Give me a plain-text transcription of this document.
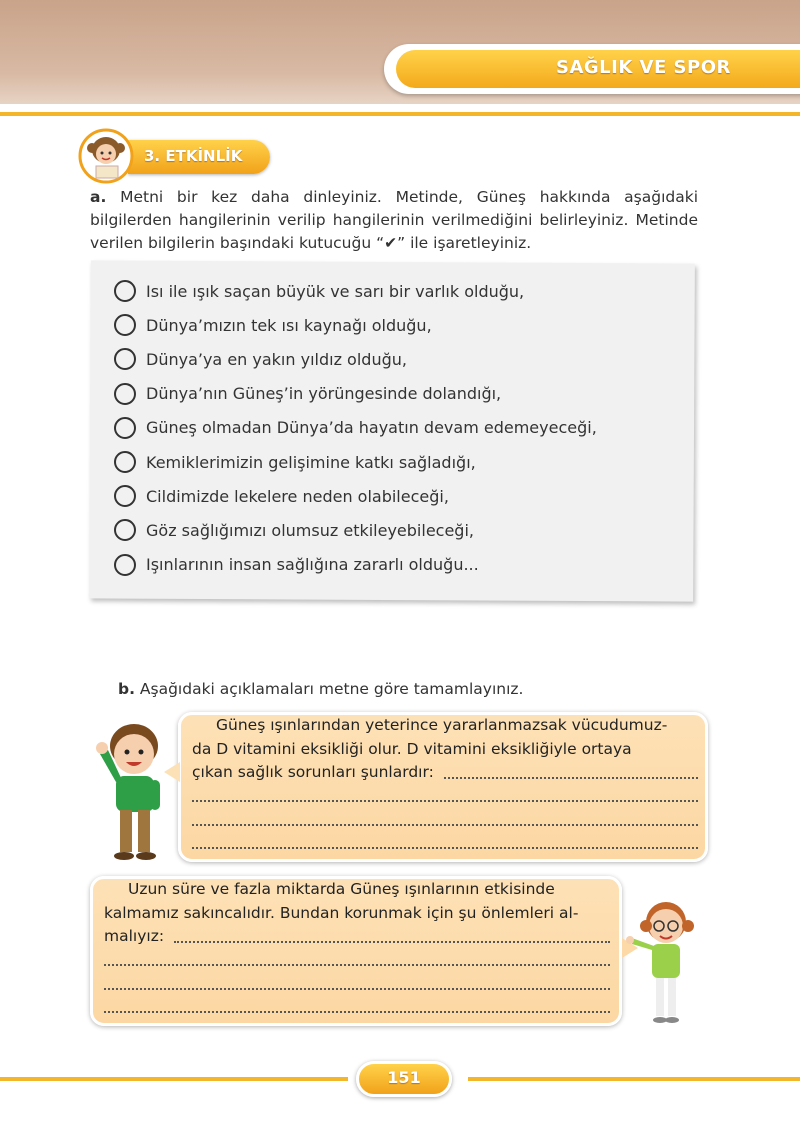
SAĞLIK VE SPOR
3. ETKİNLİK
a. Metni bir kez daha dinleyiniz. Metinde, Güneş hakkında aşağıdaki bilgilerden hangilerinin verilip hangilerinin verilmediğini belirleyiniz. Metinde verilen bilgilerin başındaki kutucuğu “✔” ile işaretleyiniz.
Isı ile ışık saçan büyük ve sarı bir varlık olduğu,
Dünya’mızın tek ısı kaynağı olduğu,
Dünya’ya en yakın yıldız olduğu,
Dünya’nın Güneş’in yörüngesinde dolandığı,
Güneş olmadan Dünya’da hayatın devam edemeyeceği,
Kemiklerimizin gelişimine katkı sağladığı,
Cildimizde lekelere neden olabileceği,
Göz sağlığımızı olumsuz etkileyebileceği,
Işınlarının insan sağlığına zararlı olduğu...
b. Aşağıdaki açıklamaları metne göre tamamlayınız.
Güneş ışınlarından yeterince yararlanmazsak vücudumuz-
da D vitamini eksikliği olur. D vitamini eksikliğiyle ortaya
çıkan sağlık sorunları şunlardır:
Uzun süre ve fazla miktarda Güneş ışınlarının etkisinde
kalmamız sakıncalıdır. Bundan korunmak için şu önlemleri al-
malıyız:
151
